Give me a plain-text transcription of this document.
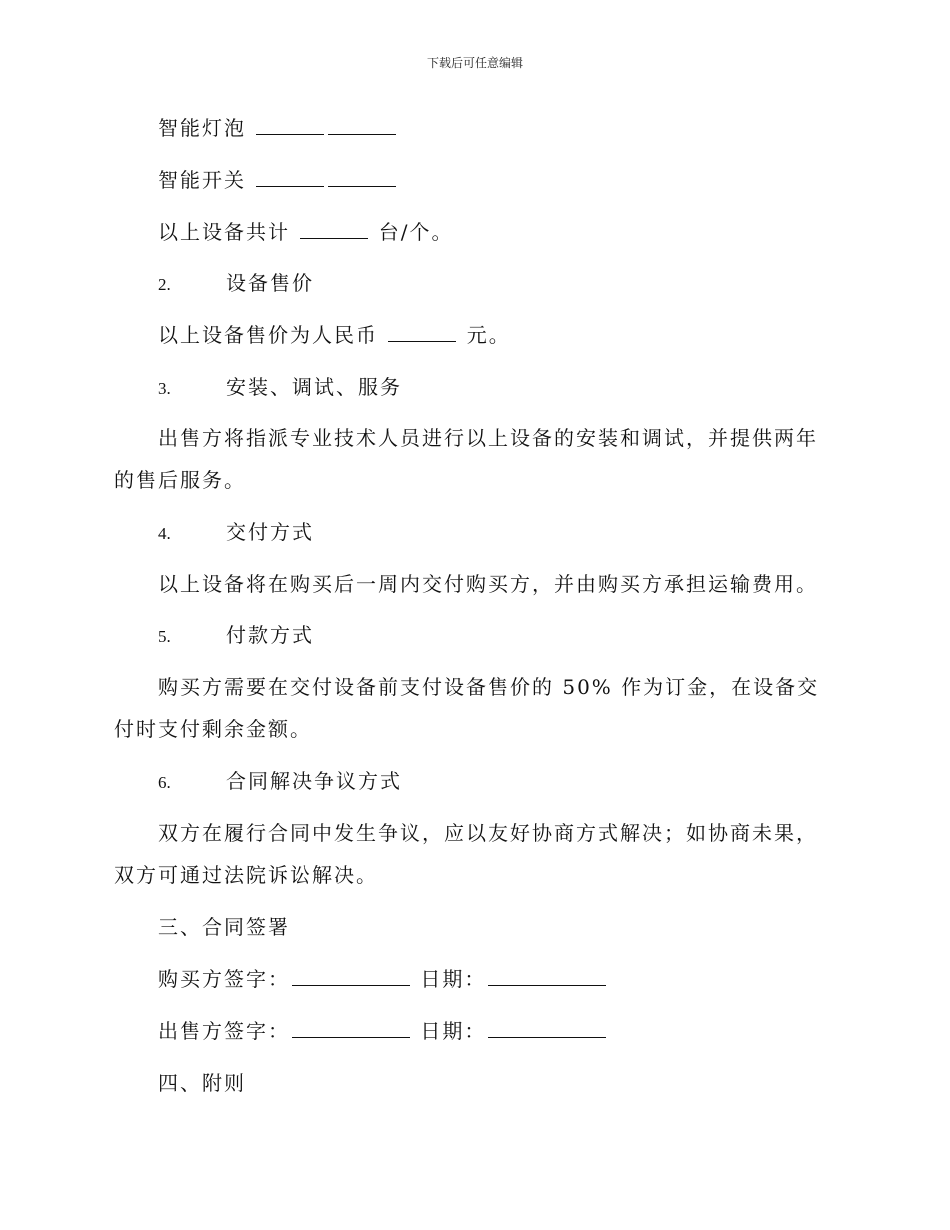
下载后可任意编辑
智能灯泡
智能开关
以上设备共计	台/个。
2.	设备售价
以上设备售价为人民币	元。
3.	安装、调试、服务
出售方将指派专业技术人员进行以上设备的安装和调试，并提供两年的售后服务。
4.	交付方式
以上设备将在购买后一周内交付购买方，并由购买方承担运输费用。
5.	付款方式
购买方需要在交付设备前支付设备售价的 50% 作为订金，在设备交付时支付剩余金额。
6.	合同解决争议方式
双方在履行合同中发生争议，应以友好协商方式解决；如协商未果，双方可通过法院诉讼解决。
三、合同签署
购买方签字：	日期：
出售方签字：	日期：
四、附则
